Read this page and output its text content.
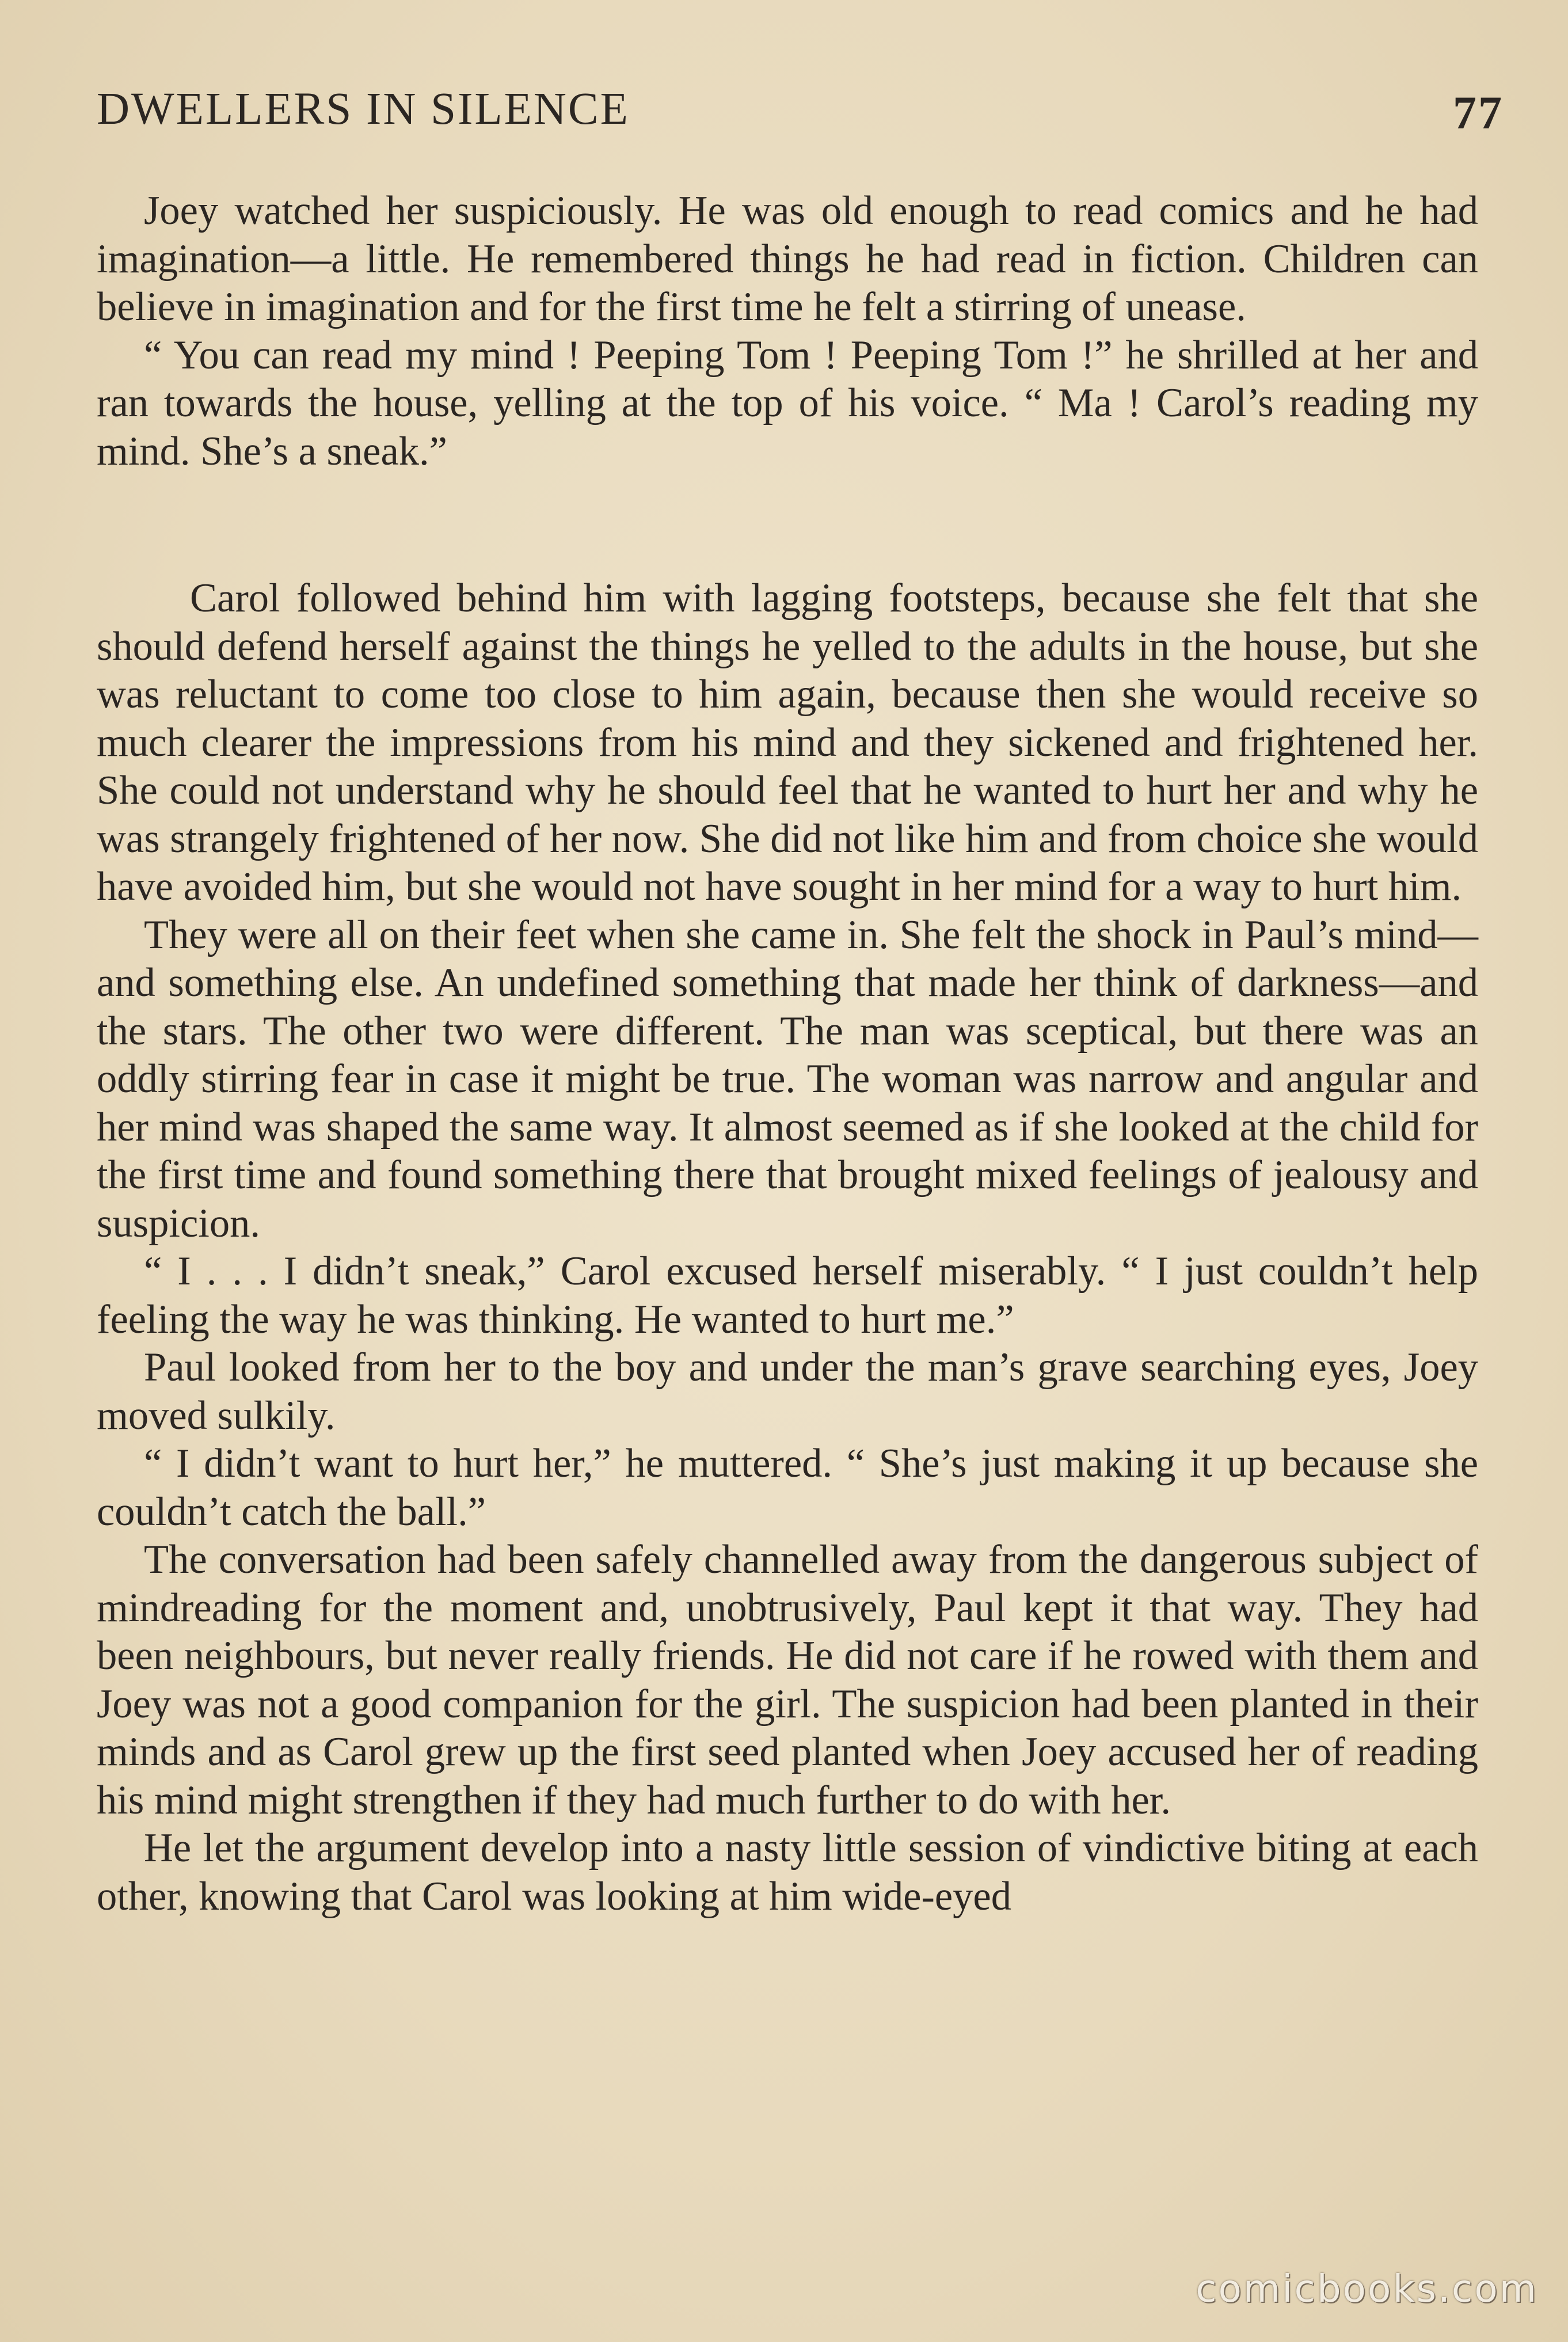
DWELLERS IN SILENCE	77

Joey watched her suspiciously. He was old enough to read comics and he had imagination—a little. He remembered things he had read in fiction. Children can believe in imagination and for the first time he felt a stirring of unease.

“ You can read my mind ! Peeping Tom ! Peeping Tom !” he shrilled at her and ran towards the house, yelling at the top of his voice. “ Ma ! Carol’s reading my mind. She’s a sneak.”

Carol followed behind him with lagging footsteps, because she felt that she should defend herself against the things he yelled to the adults in the house, but she was reluctant to come too close to him again, because then she would receive so much clearer the impressions from his mind and they sickened and frightened her. She could not understand why he should feel that he wanted to hurt her and why he was strangely frightened of her now. She did not like him and from choice she would have avoided him, but she would not have sought in her mind for a way to hurt him.

They were all on their feet when she came in. She felt the shock in Paul’s mind—and something else. An undefined something that made her think of darkness—and the stars. The other two were different. The man was sceptical, but there was an oddly stirring fear in case it might be true. The woman was narrow and angular and her mind was shaped the same way. It almost seemed as if she looked at the child for the first time and found something there that brought mixed feelings of jealousy and suspicion.

“ I . . . I didn’t sneak,” Carol excused herself miserably. “ I just couldn’t help feeling the way he was thinking. He wanted to hurt me.”

Paul looked from her to the boy and under the man’s grave searching eyes, Joey moved sulkily.

“ I didn’t want to hurt her,” he muttered. “ She’s just making it up because she couldn’t catch the ball.”

The conversation had been safely channelled away from the dangerous subject of mindreading for the moment and, unobtrusively, Paul kept it that way. They had been neighbours, but never really friends. He did not care if he rowed with them and Joey was not a good companion for the girl. The suspicion had been planted in their minds and as Carol grew up the first seed planted when Joey accused her of reading his mind might strengthen if they had much further to do with her.

He let the argument develop into a nasty little session of vindictive biting at each other, knowing that Carol was looking at him wide-eyed

comicbooks.com
